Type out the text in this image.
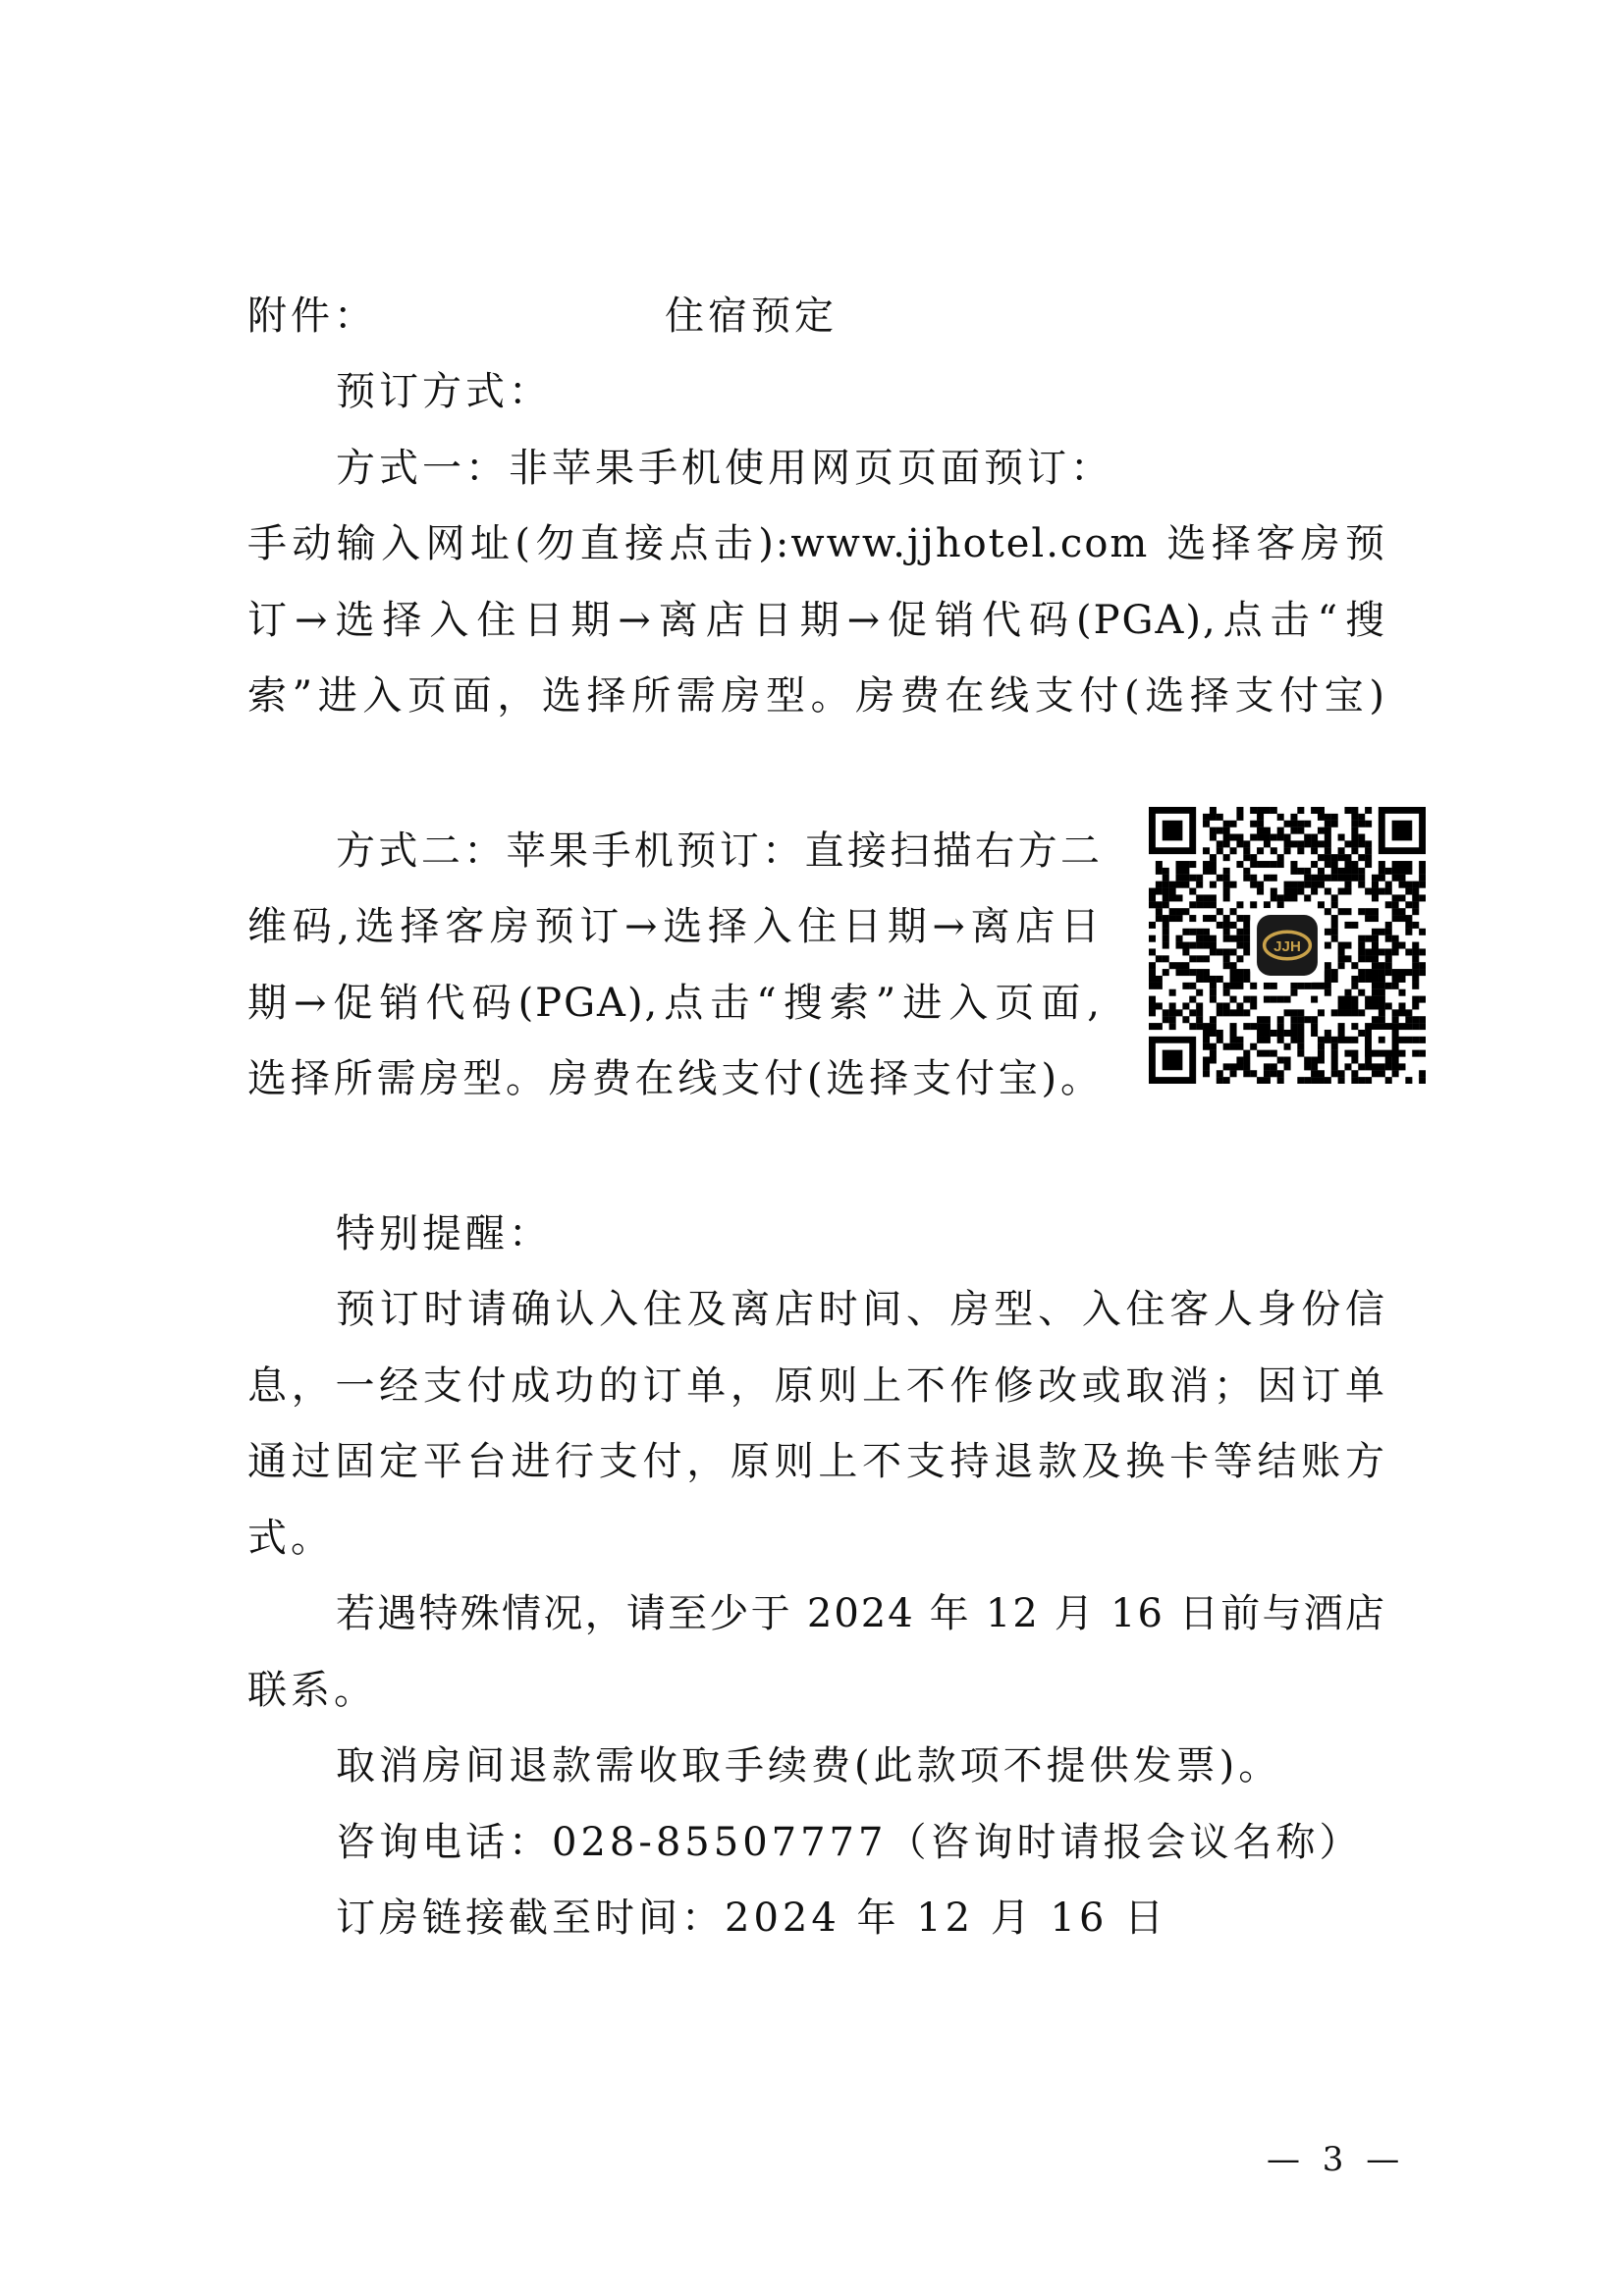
附件：	住宿预定
预订方式：
方式一：非苹果手机使用网页页面预订：
手动输入网址(勿直接点击):www.jjhotel.com 选择客房预
订→选择入住日期→离店日期→促销代码(PGA),点击“搜
索”进入页面，选择所需房型。房费在线支付(选择支付宝)
方式二：苹果手机预订：直接扫描右方二
维码,选择客房预订→选择入住日期→离店日
期→促销代码(PGA),点击“搜索”进入页面,
选择所需房型。房费在线支付(选择支付宝)。
JJH
特别提醒：
预订时请确认入住及离店时间、房型、入住客人身份信
息，一经支付成功的订单，原则上不作修改或取消；因订单
通过固定平台进行支付，原则上不支持退款及换卡等结账方
式。
若遇特殊情况，请至少于 2024 年 12 月 16 日前与酒店
联系。
取消房间退款需收取手续费(此款项不提供发票)。
咨询电话：028-85507777（咨询时请报会议名称）
订房链接截至时间：2024 年 12 月 16 日
— 3 —
